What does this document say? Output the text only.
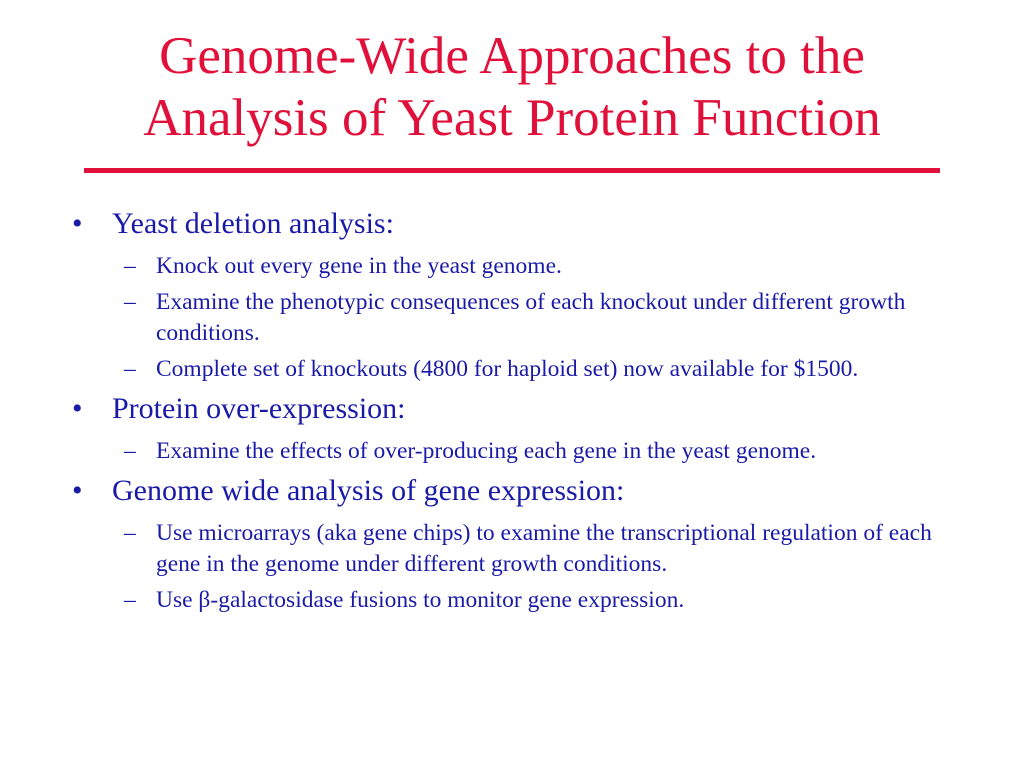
Genome-Wide Approaches to the
Analysis of Yeast Protein Function
• Yeast deletion analysis:
– Knock out every gene in the yeast genome.
– Examine the phenotypic consequences of each knockout under different growth conditions.
– Complete set of knockouts (4800 for haploid set) now available for $1500.
• Protein over-expression:
– Examine the effects of over-producing each gene in the yeast genome.
• Genome wide analysis of gene expression:
– Use microarrays (aka gene chips) to examine the transcriptional regulation of each gene in the genome under different growth conditions.
– Use β-galactosidase fusions to monitor gene expression.
